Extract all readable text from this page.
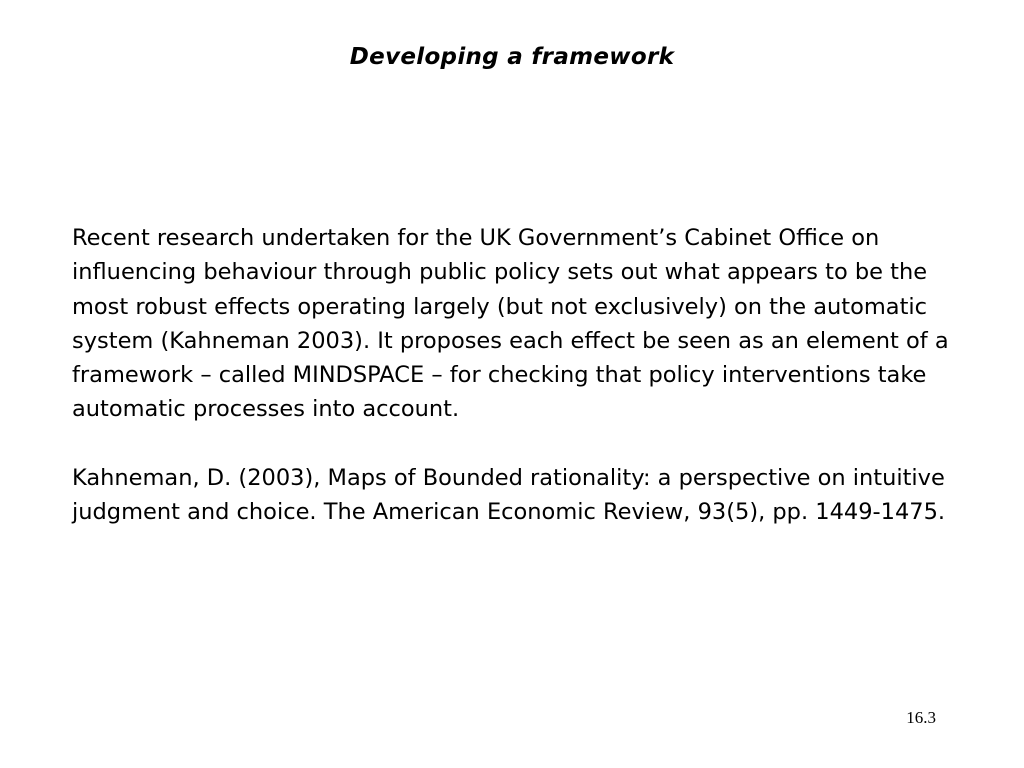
Developing a framework

Recent research undertaken for the UK Government’s Cabinet Office on influencing behaviour through public policy sets out what appears to be the most robust effects operating largely (but not exclusively) on the automatic system (Kahneman 2003). It proposes each effect be seen as an element of a framework – called MINDSPACE – for checking that policy interventions take automatic processes into account.

Kahneman, D. (2003), Maps of Bounded rationality: a perspective on intuitive judgment and choice. The American Economic Review, 93(5), pp. 1449-1475.

16.3
